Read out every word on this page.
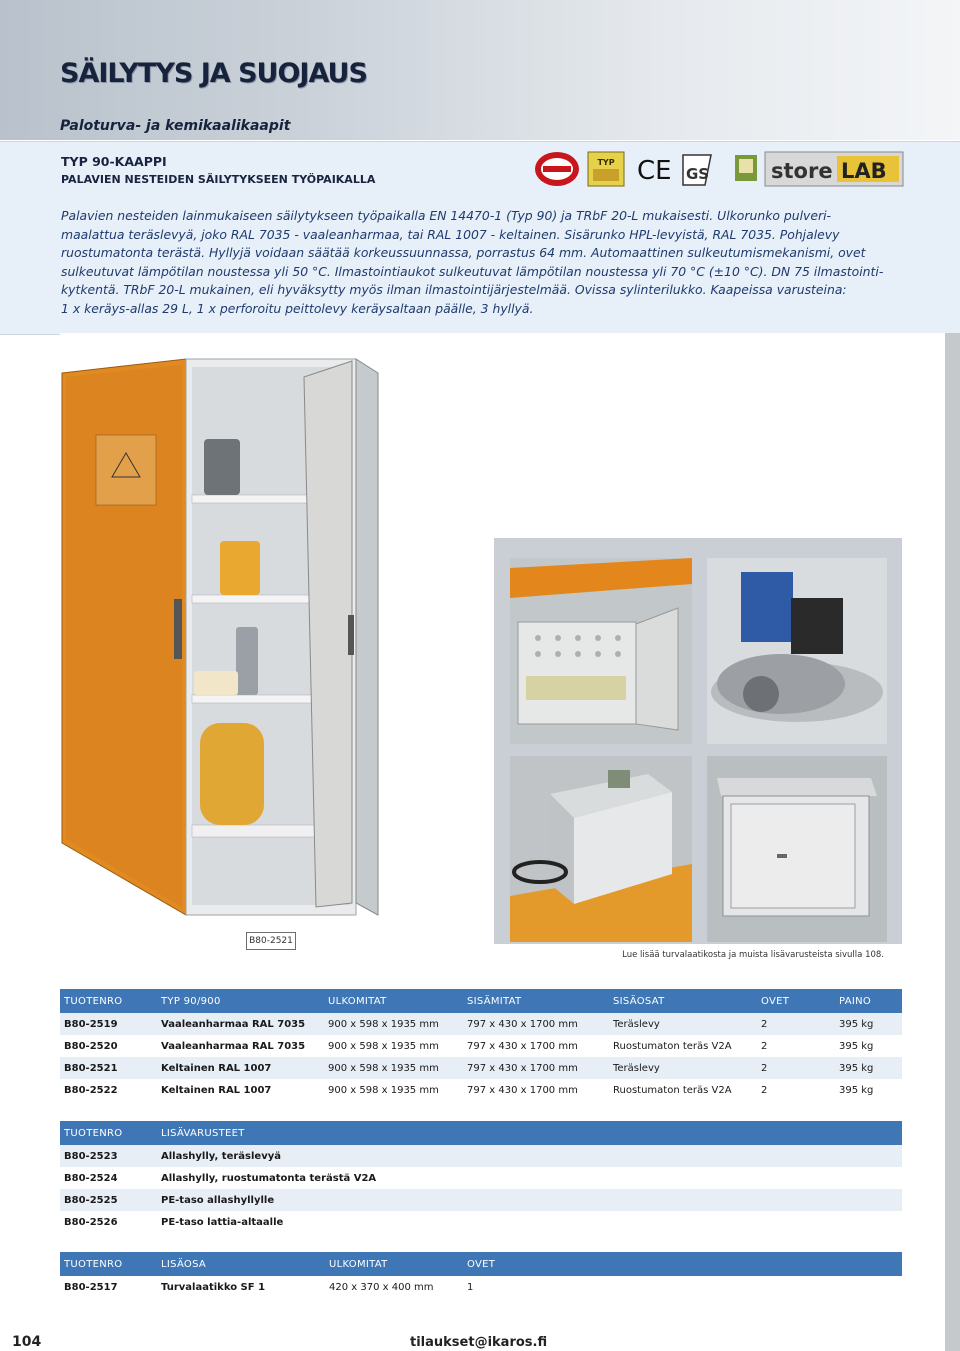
SÄILYTYS JA SUOJAUS
Paloturva- ja kemikaalikaapit
TYP 90-KAAPPI
PALAVIEN NESTEIDEN SÄILYTYKSEEN TYÖPAIKALLA
TYP CE GS	store LAB
Palavien nesteiden lainmukaiseen säilytykseen työpaikalla EN 14470-1 (Typ 90) ja TRbF 20-L mukaisesti. Ulkorunko pulveri-
maalattua teräslevyä, joko RAL 7035 - vaaleanharmaa, tai RAL 1007 - keltainen. Sisärunko HPL-levyistä, RAL 7035. Pohjalevy
ruostumatonta terästä. Hyllyjä voidaan säätää korkeussuunnassa, porrastus 64 mm. Automaattinen sulkeutumismekanismi, ovet
sulkeutuvat lämpötilan noustessa yli 50 °C. Ilmastointiaukot sulkeutuvat lämpötilan noustessa yli 70 °C (±10 °C). DN 75 ilmastointi-
kytkentä. TRbF 20-L mukainen, eli hyväksytty myös ilman ilmastointijärjestelmää. Ovissa sylinterilukko. Kaapeissa varusteina:
1 x keräys-allas 29 L, 1 x perforoitu peittolevy keräysaltaan päälle, 3 hyllyä.
B80-2521
Lue lisää turvalaatikosta ja muista lisävarusteista sivulla 108.
TUOTENRO	TYP 90/900	ULKOMITAT	SISÄMITAT	SISÄOSAT	OVET	PAINO
B80-2519	Vaaleanharmaa RAL 7035	900 x 598 x 1935 mm	797 x 430 x 1700 mm	Teräslevy	2	395 kg
B80-2520	Vaaleanharmaa RAL 7035	900 x 598 x 1935 mm	797 x 430 x 1700 mm	Ruostumaton teräs V2A	2	395 kg
B80-2521	Keltainen RAL 1007	900 x 598 x 1935 mm	797 x 430 x 1700 mm	Teräslevy	2	395 kg
B80-2522	Keltainen RAL 1007	900 x 598 x 1935 mm	797 x 430 x 1700 mm	Ruostumaton teräs V2A	2	395 kg
TUOTENRO	LISÄVARUSTEET
B80-2523	Allashylly, teräslevyä
B80-2524	Allashylly, ruostumatonta terästä V2A
B80-2525	PE-taso allashyllylle
B80-2526	PE-taso lattia-altaalle
TUOTENRO	LISÄOSA	ULKOMITAT	OVET
B80-2517	Turvalaatikko SF 1	420 x 370 x 400 mm	1
104	tilaukset@ikaros.fi
